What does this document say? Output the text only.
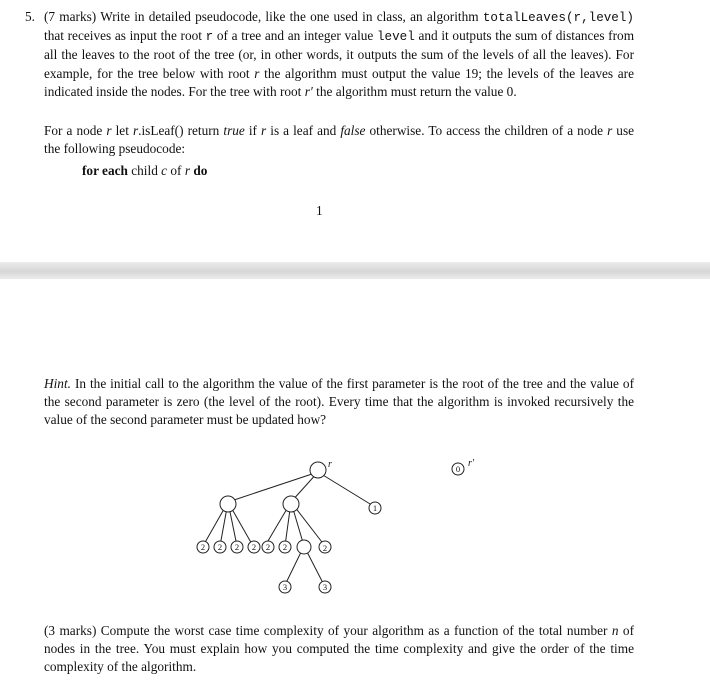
5. (7 marks) Write in detailed pseudocode, like the one used in class, an algorithm totalLeaves(r,level) that receives as input the root r of a tree and an integer value level and it outputs the sum of distances from all the leaves to the root of the tree (or, in other words, it outputs the sum of the levels of all the leaves). For example, for the tree below with root r the algorithm must output the value 19; the levels of the leaves are indicated inside the nodes. For the tree with root r′ the algorithm must return the value 0.
For a node r let r.isLeaf() return true if r is a leaf and false otherwise. To access the children of a node r use the following pseudocode:
for each child c of r do
1
Hint. In the initial call to the algorithm the value of the first parameter is the root of the tree and the value of the second parameter is zero (the level of the root). Every time that the algorithm is invoked recursively the value of the second parameter must be updated how?
1
2 2 2 2 2 2
3	3
0
r
2
r′
(3 marks) Compute the worst case time complexity of your algorithm as a function of the total number n of nodes in the tree. You must explain how you computed the time complexity and give the order of the time complexity of the algorithm.
